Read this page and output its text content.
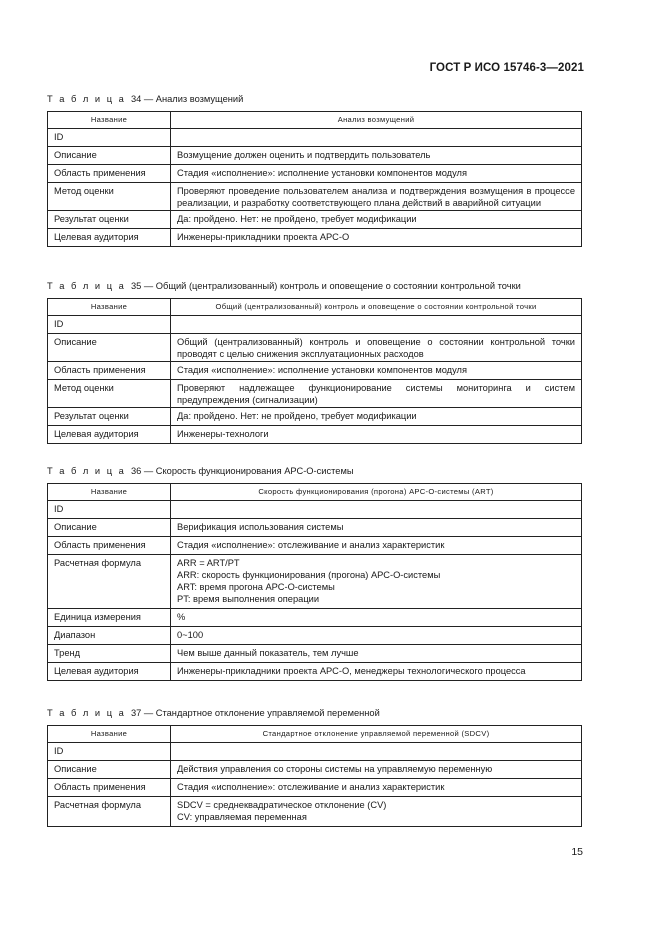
ГОСТ Р ИСО 15746-3—2021
Т а б л и ц а 34 — Анализ возмущений
Название	Анализ возмущений
ID	
Описание	Возмущение должен оценить и подтвердить пользователь
Область применения	Стадия «исполнение»: исполнение установки компонентов модуля
Метод оценки	Проверяют проведение пользователем анализа и подтверждения возмущения в процессе реализации, и разработку соответствующего плана действий в аварийной ситуации
Результат оценки	Да: пройдено. Нет: не пройдено, требует модификации
Целевая аудитория	Инженеры-прикладники проекта АРС-О
Т а б л и ц а 35 — Общий (централизованный) контроль и оповещение о состоянии контрольной точки
Название	Общий (централизованный) контроль и оповещение о состоянии контрольной точки
ID	
Описание	Общий (централизованный) контроль и оповещение о состоянии контрольной точки проводят с целью снижения эксплуатационных расходов
Область применения	Стадия «исполнение»: исполнение установки компонентов модуля
Метод оценки	Проверяют надлежащее функционирование системы мониторинга и систем предупреждения (сигнализации)
Результат оценки	Да: пройдено. Нет: не пройдено, требует модификации
Целевая аудитория	Инженеры-технологи
Т а б л и ц а 36 — Скорость функционирования АРС-О-системы
Название	Скорость функционирования (прогона) АРС-О-системы (ART)
ID	
Описание	Верификация использования системы
Область применения	Стадия «исполнение»: отслеживание и анализ характеристик
Расчетная формула	ARR = ART/PT
ARR: скорость функционирования (прогона) АРС-О-системы
ART: время прогона АРС-О-системы
PT: время выполнения операции

Единица измерения	%
Диапазон	0~100
Тренд	Чем выше данный показатель, тем лучше
Целевая аудитория	Инженеры-прикладники проекта АРС-О, менеджеры технологического процесса
Т а б л и ц а 37 — Стандартное отклонение управляемой переменной
Название	Стандартное отклонение управляемой переменной (SDCV)
ID	
Описание	Действия управления со стороны системы на управляемую переменную
Область применения	Стадия «исполнение»: отслеживание и анализ характеристик
Расчетная формула	SDCV = среднеквадратическое отклонение (CV)
CV: управляемая переменная
15
